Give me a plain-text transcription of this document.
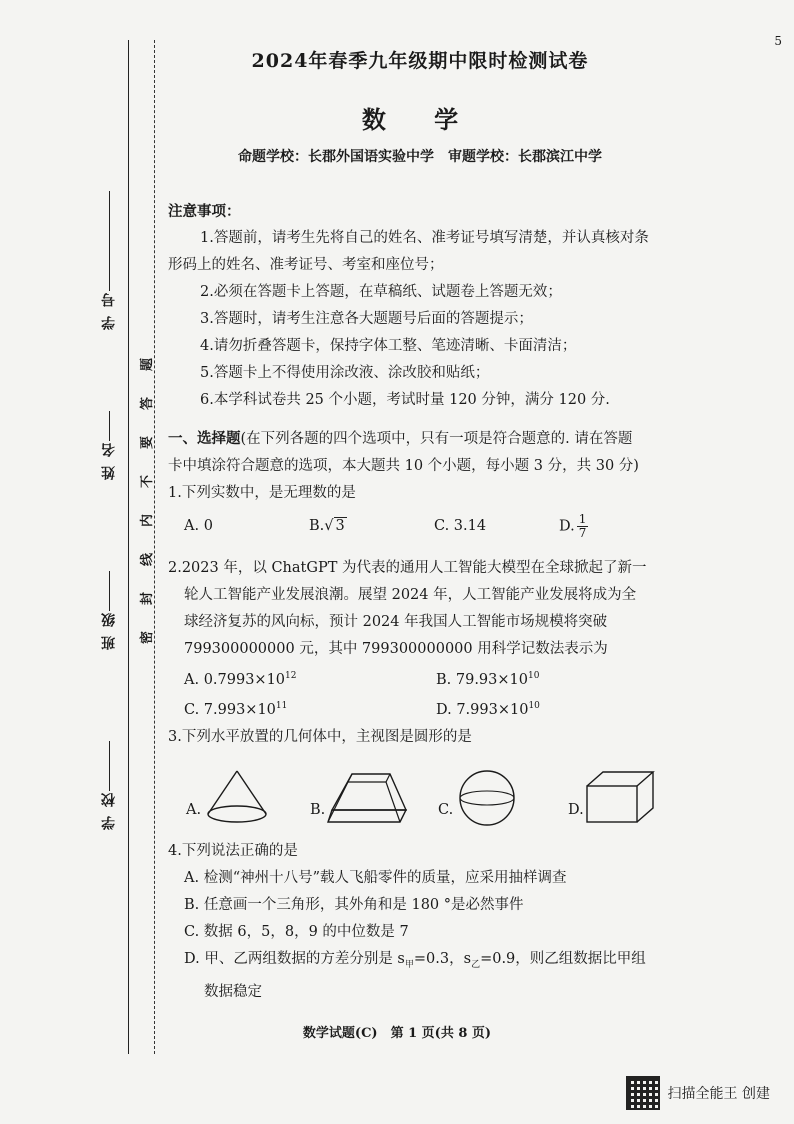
5
学 号
姓 名
班 级
学 校
题
答
要
不
内
线
封
密
2024年春季九年级期中限时检测试卷
数 学
命题学校：长郡外国语实验中学　审题学校：长郡滨江中学
注意事项：
1.答题前，请考生先将自己的姓名、准考证号填写清楚，并认真核对条
形码上的姓名、准考证号、考室和座位号；
2.必须在答题卡上答题，在草稿纸、试题卷上答题无效；
3.答题时，请考生注意各大题题号后面的答题提示；
4.请勿折叠答题卡，保持字体工整、笔迹清晰、卡面清洁；
5.答题卡上不得使用涂改液、涂改胶和贴纸；
6.本学科试卷共 25 个小题，考试时量 120 分钟，满分 120 分.
一、选择题(在下列各题的四个选项中，只有一项是符合题意的. 请在答题
卡中填涂符合题意的选项，本大题共 10 个小题，每小题 3 分，共 30 分)
1.下列实数中，是无理数的是
A. 0	B.√ 3	C. 3.14	D. $\frac{1}{7}$
2.2023 年，以 ChatGPT 为代表的通用人工智能大模型在全球掀起了新一
轮人工智能产业发展浪潮。展望 2024 年，人工智能产业发展将成为全
球经济复苏的风向标，预计 2024 年我国人工智能市场规模将突破
799300000000 元，其中 799300000000 用科学记数法表示为
A. $0.7993\times 10^{12}$	B. $79.93\times 10^{10}$
C. $7.993\times 10^{11}$	D. $7.993\times 10^{10}$
3.下列水平放置的几何体中，主视图是圆形的是
A.	B.	C.	D.
4.下列说法正确的是
A. 检测“神州十八号”载人飞船零件的质量，应采用抽样调查
B. 任意画一个三角形，其外角和是 180 °是必然事件
C. 数据 6，5，8，9 的中位数是 7
D. 甲、乙两组数据的方差分别是 $s_甲=0.3$，$s_乙=0.9$，则乙组数据比甲组
数据稳定
数学试题(C)　第 1 页(共 8 页)
扫描全能王 创建
